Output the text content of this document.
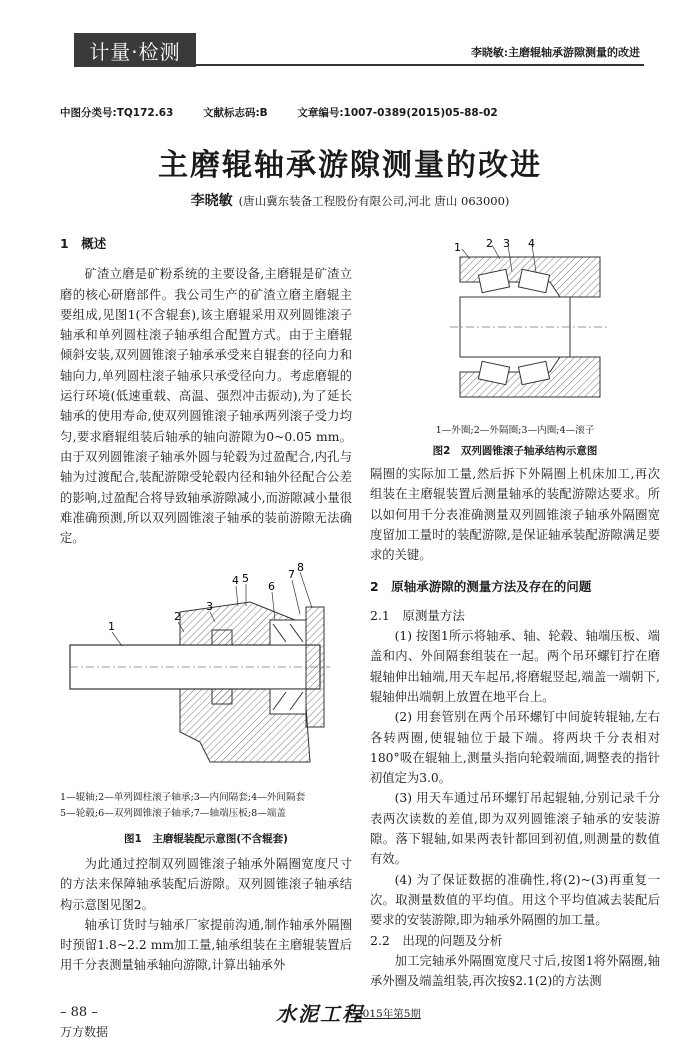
计量·检测	李晓敏:主磨辊轴承游隙测量的改进
中图分类号:TQ172.63	文献标志码:B	文章编号:1007-0389(2015)05-88-02
主磨辊轴承游隙测量的改进
李晓敏 (唐山冀东装备工程股份有限公司,河北 唐山 063000)
1　概述

矿渣立磨是矿粉系统的主要设备,主磨辊是矿渣立磨的核心研磨部件。我公司生产的矿渣立磨主磨辊主要组成,见图1(不含辊套),该主磨辊采用双列圆锥滚子轴承和单列圆柱滚子轴承组合配置方式。由于主磨辊倾斜安装,双列圆锥滚子轴承承受来自辊套的径向力和轴向力,单列圆柱滚子轴承只承受径向力。考虑磨辊的运行环境(低速重载、高温、强烈冲击振动),为了延长轴承的使用寿命,使双列圆锥滚子轴承两列滚子受力均匀,要求磨辊组装后轴承的轴向游隙为0~0.05 mm。由于双列圆锥滚子轴承外圆与轮毂为过盈配合,内孔与轴为过渡配合,装配游隙受轮毂内径和轴外径配合公差的影响,过盈配合将导致轴承游隙减小,而游隙减小量很难准确预测,所以双列圆锥滚子轴承的装前游隙无法确定。

1
2
3
4 5
6
7
8
1—辊轴;2—单列圆柱滚子轴承;3—内间隔套;4—外间隔套
5—轮毂;6—双列圆锥滚子轴承;7—轴端压板;8—端盖
图1　主磨辊装配示意图(不含辊套)

为此通过控制双列圆锥滚子轴承外隔圈宽度尺寸的方法来保障轴承装配后游隙。双列圆锥滚子轴承结构示意图见图2。

轴承订货时与轴承厂家提前沟通,制作轴承外隔圈时预留1.8~2.2 mm加工量,轴承组装在主磨辊装置后用千分表测量轴承轴向游隙,计算出轴承外

1 2 3 4
1—外圈;2—外隔圈;3—内圈;4—滚子
图2　双列圆锥滚子轴承结构示意图
隔圈的实际加工量,然后拆下外隔圈上机床加工,再次组装在主磨辊装置后测量轴承的装配游隙达要求。所以如何用千分表准确测量双列圆锥滚子轴承外隔圈宽度留加工量时的装配游隙,是保证轴承装配游隙满足要求的关键。
2　原轴承游隙的测量方法及存在的问题
2.1　原测量方法

(1) 按图1所示将轴承、轴、轮毂、轴端压板、端盖和内、外间隔套组装在一起。两个吊环螺钉拧在磨辊轴伸出轴端,用天车起吊,将磨辊竖起,端盖一端朝下,辊轴伸出端朝上放置在地平台上。

(2) 用套管别在两个吊环螺钉中间旋转辊轴,左右各转两圈,使辊轴位于最下端。将两块千分表相对180°吸在辊轴上,测量头指向轮毂端面,调整表的指针初值定为3.0。

(3) 用天车通过吊环螺钉吊起辊轴,分别记录千分表两次读数的差值,即为双列圆锥滚子轴承的安装游隙。落下辊轴,如果两表针都回到初值,则测量的数值有效。

(4) 为了保证数据的准确性,将(2)~(3)再重复一次。取测量数值的平均值。用这个平均值减去装配后要求的安装游隙,即为轴承外隔圈的加工量。

2.2　出现的问题及分析

加工完轴承外隔圈宽度尺寸后,按图1将外隔圈,轴承外圈及端盖组装,再次按§2.1(2)的方法测

– 88 –	水泥工程
2015年第5期
万方数据
